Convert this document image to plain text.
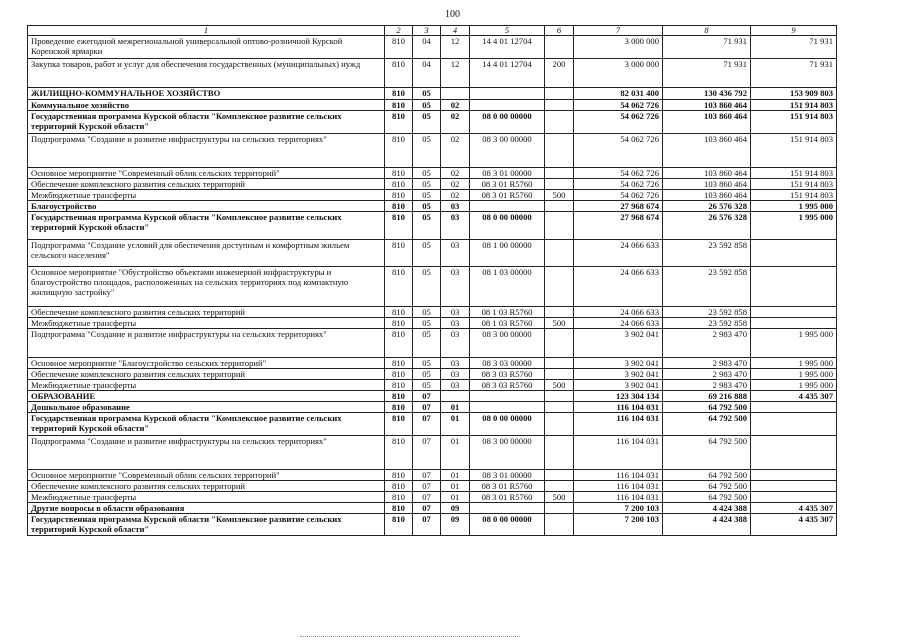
100
1	2	3	4	5	6	7	8	9
Проведение ежегодной межрегиональной универсальной оптово-розничной Курской Коренской ярмарки	810	04	12	14 4 01 12704		3 000 000	71 931	71 931
Закупка товаров, работ и услуг для обеспечения государственных (муниципальных) нужд	810	04	12	14 4 01 12704	200	3 000 000	71 931	71 931
ЖИЛИЩНО-КОММУНАЛЬНОЕ ХОЗЯЙСТВО	810	05				82 031 400	130 436 792	153 909 803
Коммунальное хозяйство	810	05	02			54 062 726	103 860 464	151 914 803
Государственная программа Курской области "Комплексное развитие сельских территорий Курской области"	810	05	02	08 0 00 00000		54 062 726	103 860 464	151 914 803
Подпрограмма "Создание и развитие инфраструктуры на сельских территориях"	810	05	02	08 3 00 00000		54 062 726	103 860 464	151 914 803
Основное мероприятие "Современный облик сельских территорий"	810	05	02	08 3 01 00000		54 062 726	103 860 464	151 914 803
Обеспечение комплексного развития сельских территорий	810	05	02	08 3 01 R5760		54 062 726	103 860 464	151 914 803
Межбюджетные трансферты	810	05	02	08 3 01 R5760	500	54 062 726	103 860 464	151 914 803
Благоустройство	810	05	03			27 968 674	26 576 328	1 995 000
Государственная программа Курской области "Комплексное развитие сельских территорий Курской области"	810	05	03	08 0 00 00000		27 968 674	26 576 328	1 995 000
Подпрограмма "Создание условий для обеспечения доступным и комфортным жильем сельского населения"	810	05	03	08 1 00 00000		24 066 633	23 592 858	
Основное мероприятие "Обустройство объектами инженерной инфраструктуры и благоустройство площадок, расположенных на сельских территориях под компактную жилищную застройку"	810	05	03	08 1 03 00000		24 066 633	23 592 858	
Обеспечение комплексного развития сельских территорий	810	05	03	08 1 03 R5760		24 066 633	23 592 858	
Межбюджетные трансферты	810	05	03	08 1 03 R5760	500	24 066 633	23 592 858	
Подпрограмма "Создание и развитие инфраструктуры на сельских территориях"	810	05	03	08 3 00 00000		3 902 041	2 983 470	1 995 000
Основное мероприятие "Благоустройство сельских территорий"	810	05	03	08 3 03 00000		3 902 041	2 983 470	1 995 000
Обеспечение комплексного развития сельских территорий	810	05	03	08 3 03 R5760		3 902 041	2 983 470	1 995 000
Межбюджетные трансферты	810	05	03	08 3 03 R5760	500	3 902 041	2 983 470	1 995 000
ОБРАЗОВАНИЕ	810	07				123 304 134	69 216 888	4 435 307
Дошкольное образование	810	07	01			116 104 031	64 792 500	
Государственная программа Курской области "Комплексное развитие сельских территорий Курской области"	810	07	01	08 0 00 00000		116 104 031	64 792 500	
Подпрограмма "Создание и развитие инфраструктуры на сельских территориях"	810	07	01	08 3 00 00000		116 104 031	64 792 500	
Основное мероприятие "Современный облик сельских территорий"	810	07	01	08 3 01 00000		116 104 031	64 792 500	
Обеспечение комплексного развития сельских территорий	810	07	01	08 3 01 R5760		116 104 031	64 792 500	
Межбюджетные трансферты	810	07	01	08 3 01 R5760	500	116 104 031	64 792 500	
Другие вопросы в области образования	810	07	09			7 200 103	4 424 388	4 435 307
Государственная программа Курской области "Комплексное развитие сельских территорий Курской области"	810	07	09	08 0 00 00000		7 200 103	4 424 388	4 435 307
